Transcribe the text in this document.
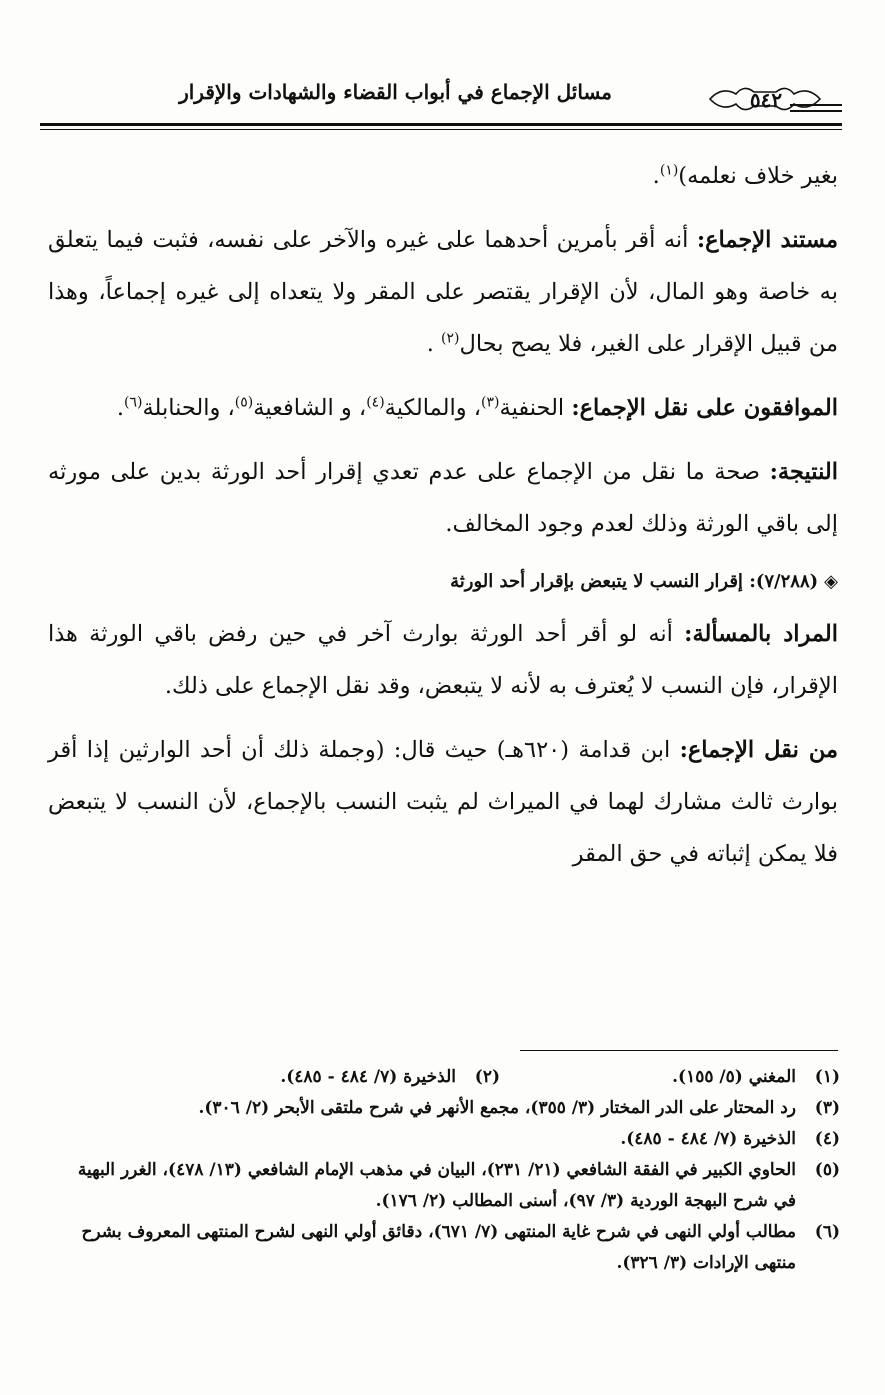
٥٤٢
مسائل الإجماع في أبواب القضاء والشهادات والإقرار

بغير خلاف نعلمه)$^{(١)}$.

مستند الإجماع: أنه أقر بأمرين أحدهما على غيره والآخر على نفسه، فثبت فيما يتعلق به خاصة وهو المال، لأن الإقرار يقتصر على المقر ولا يتعداه إلى غيره إجماعاً، وهذا من قبيل الإقرار على الغير، فلا يصح بحال$^{(٢)}$ .

الموافقون على نقل الإجماع: الحنفية$^{(٣)}$، والمالكية$^{(٤)}$، و الشافعية$^{(٥)}$، والحنابلة$^{(٦)}$.

النتيجة: صحة ما نقل من الإجماع على عدم تعدي إقرار أحد الورثة بدين على مورثه إلى باقي الورثة وذلك لعدم وجود المخالف.

◈(٧/٢٨٨): إقرار النسب لا يتبعض بإقرار أحد الورثة

المراد بالمسألة: أنه لو أقر أحد الورثة بوارث آخر في حين رفض باقي الورثة هذا الإقرار، فإن النسب لا يُعترف به لأنه لا يتبعض، وقد نقل الإجماع على ذلك.

من نقل الإجماع: ابن قدامة (٦٢٠هـ) حيث قال: (وجملة ذلك أن أحد الوارثين إذا أقر بوارث ثالث مشارك لهما في الميراث لم يثبت النسب بالإجماع، لأن النسب لا يتبعض فلا يمكن إثباته في حق المقر

(١)
المغني (٥/ ١٥٥).
(٢)
الذخيرة (٧/ ٤٨٤ - ٤٨٥).
(٣)
رد المحتار على الدر المختار (٣/ ٣٥٥)، مجمع الأنهر في شرح ملتقى الأبحر (٢/ ٣٠٦).
(٤)
الذخيرة (٧/ ٤٨٤ - ٤٨٥).
(٥)
الحاوي الكبير في الفقة الشافعي (٢١/ ٢٣١)، البيان في مذهب الإمام الشافعي (١٣/ ٤٧٨)، الغرر البهية في شرح البهجة الوردية (٣/ ٩٧)، أسنى المطالب (٢/ ١٧٦).
(٦)
مطالب أولي النهى في شرح غاية المنتهى (٧/ ٦٧١)، دقائق أولي النهى لشرح المنتهى المعروف بشرح منتهى الإرادات (٣/ ٣٢٦).
